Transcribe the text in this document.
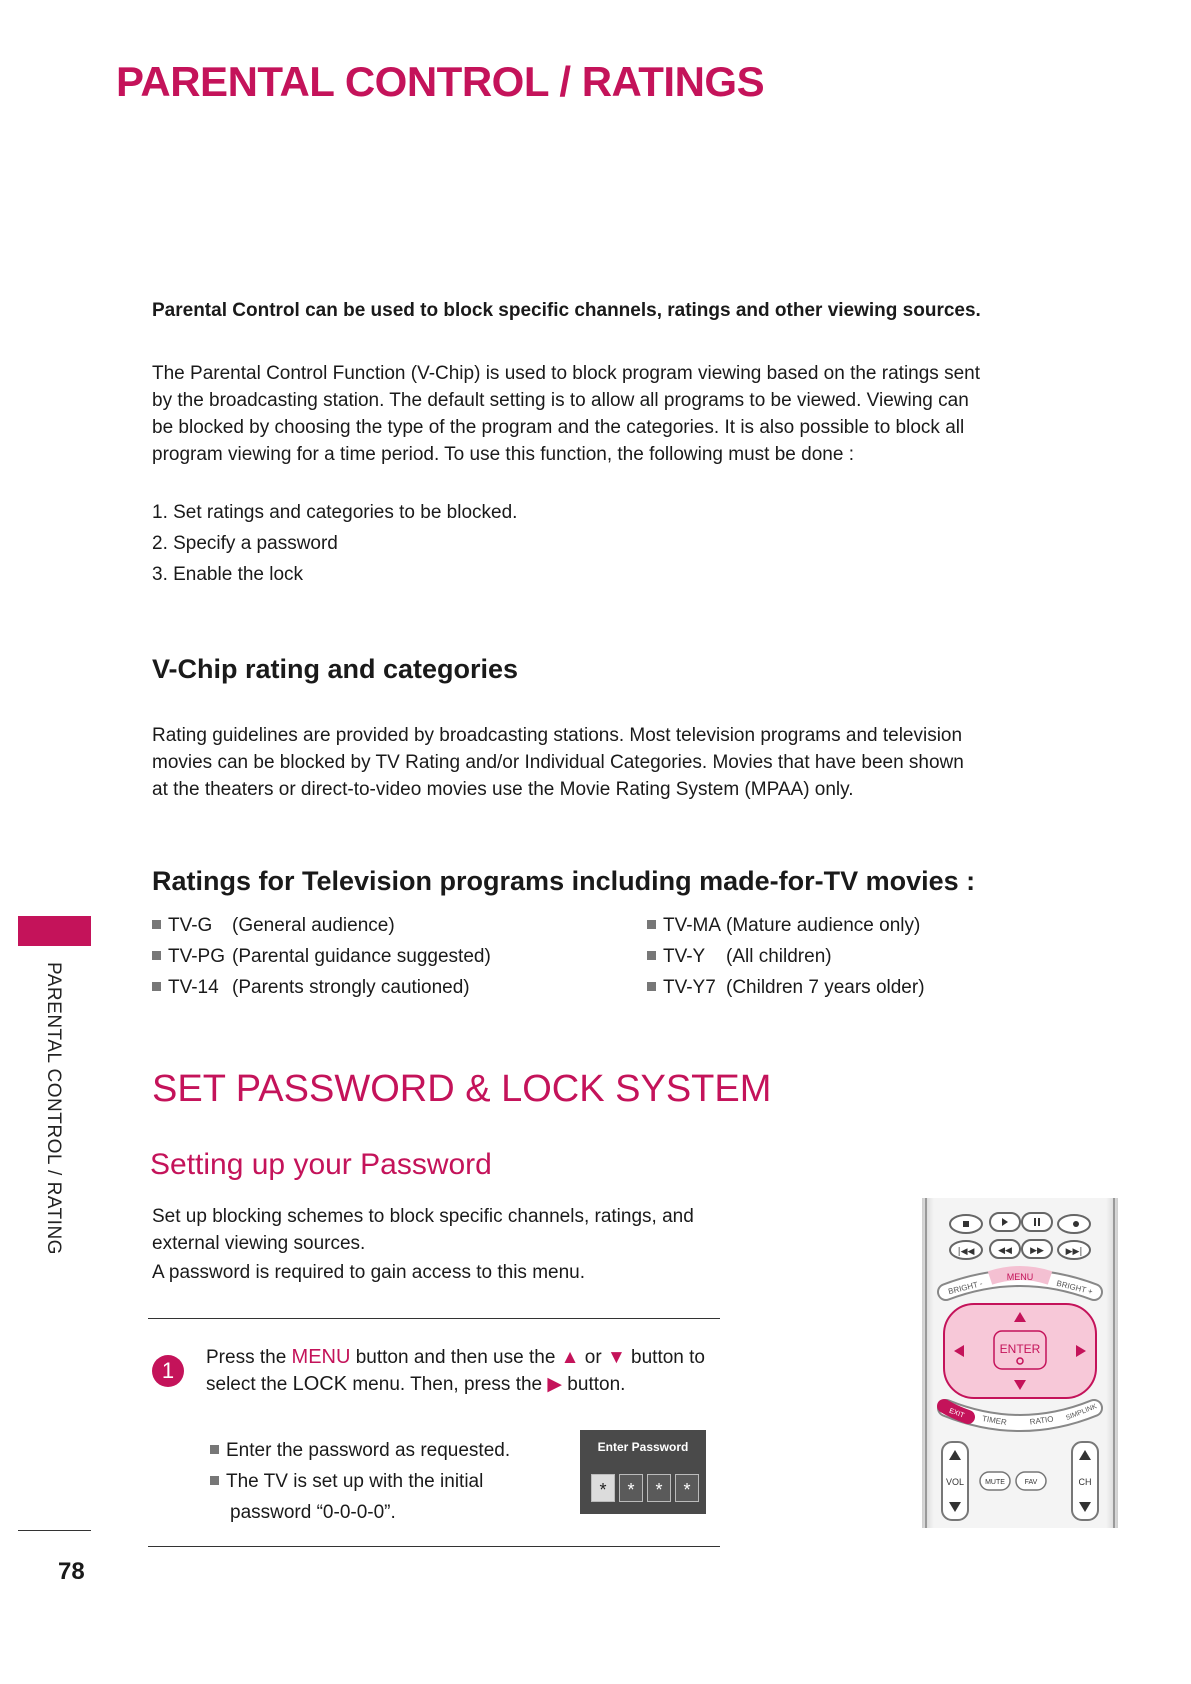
PARENTAL CONTROL / RATINGS
Parental Control can be used to block specific channels, ratings and other viewing sources.
The Parental Control Function (V-Chip) is used to block program viewing based on the ratings sent by the broadcasting station. The default setting is to allow all programs to be viewed. Viewing can be blocked by choosing the type of the program and the categories. It is also possible to block all program viewing for a time period. To use this function, the following must be done :
1. Set ratings and categories to be blocked.
2. Specify a password
3. Enable the lock
V-Chip rating and categories
Rating guidelines are provided by broadcasting stations. Most television programs and television movies can be blocked by TV Rating and/or Individual Categories. Movies that have been shown at the theaters or direct-to-video movies use the Movie Rating System (MPAA) only.
Ratings for Television programs including made-for-TV movies :
TV-G (General audience)
TV-PG (Parental guidance suggested)
TV-14 (Parents strongly cautioned)
TV-MA (Mature audience only)
TV-Y (All children)
TV-Y7 (Children 7 years older)
SET PASSWORD & LOCK SYSTEM
Setting up your Password
Set up blocking schemes to block specific channels, ratings, and external viewing sources.
A password is required to gain access to this menu.
1
Press the MENU button and then use the ▲ or ▼ button to select the LOCK menu. Then, press the ▶ button.
Enter the password as requested.
The TV is set up with the initial
password “0-0-0-0”.
Enter Password
*	*	*	*
|◀◀	◀◀ ▶▶ ▶▶|
MENU
BRIGHT -	BRIGHT +
ENTER
EXIT
TIMER	RATIO SIMPLINK
VOL	CH
MUTE	FAV
PARENTAL CONTROL / RATING
78
